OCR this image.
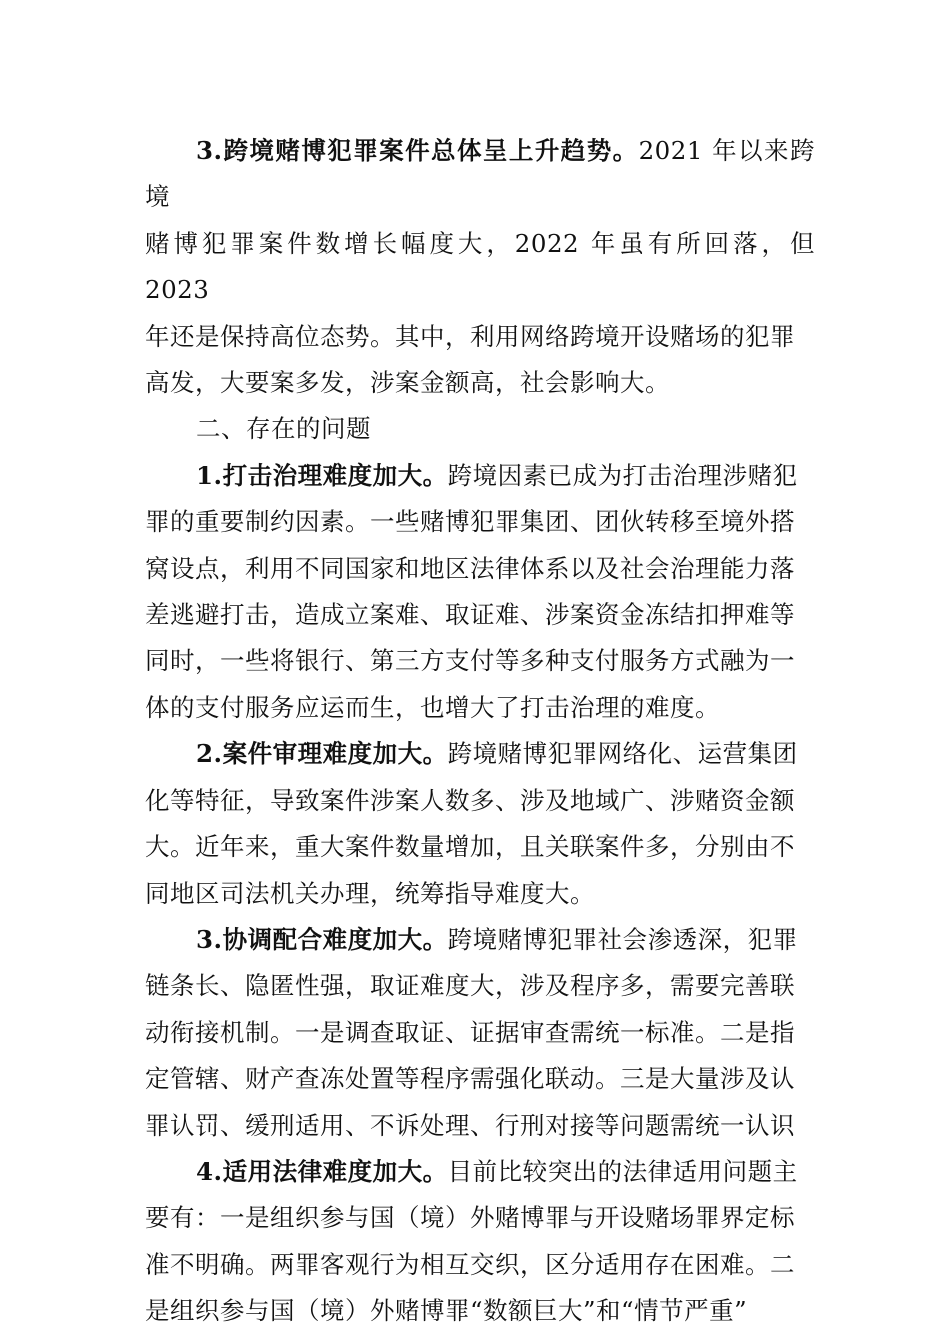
3.跨境赌博犯罪案件总体呈上升趋势。2021 年以来跨境
赌博犯罪案件数增长幅度大，2022 年虽有所回落，但 2023
年还是保持高位态势。其中，利用网络跨境开设赌场的犯罪
高发，大要案多发，涉案金额高，社会影响大。

二、存在的问题

1.打击治理难度加大。跨境因素已成为打击治理涉赌犯
罪的重要制约因素。一些赌博犯罪集团、团伙转移至境外搭
窝设点，利用不同国家和地区法律体系以及社会治理能力落
差逃避打击，造成立案难、取证难、涉案资金冻结扣押难等
同时，一些将银行、第三方支付等多种支付服务方式融为一
体的支付服务应运而生，也增大了打击治理的难度。

2.案件审理难度加大。跨境赌博犯罪网络化、运营集团
化等特征，导致案件涉案人数多、涉及地域广、涉赌资金额
大。近年来，重大案件数量增加，且关联案件多，分别由不
同地区司法机关办理，统筹指导难度大。

3.协调配合难度加大。跨境赌博犯罪社会渗透深，犯罪
链条长、隐匿性强，取证难度大，涉及程序多，需要完善联
动衔接机制。一是调查取证、证据审查需统一标准。二是指
定管辖、财产查冻处置等程序需强化联动。三是大量涉及认
罪认罚、缓刑适用、不诉处理、行刑对接等问题需统一认识

4.适用法律难度加大。目前比较突出的法律适用问题主
要有：一是组织参与国（境）外赌博罪与开设赌场罪界定标
准不明确。两罪客观行为相互交织，区分适用存在困难。二
是组织参与国（境）外赌博罪“数额巨大”和“情节严重”
